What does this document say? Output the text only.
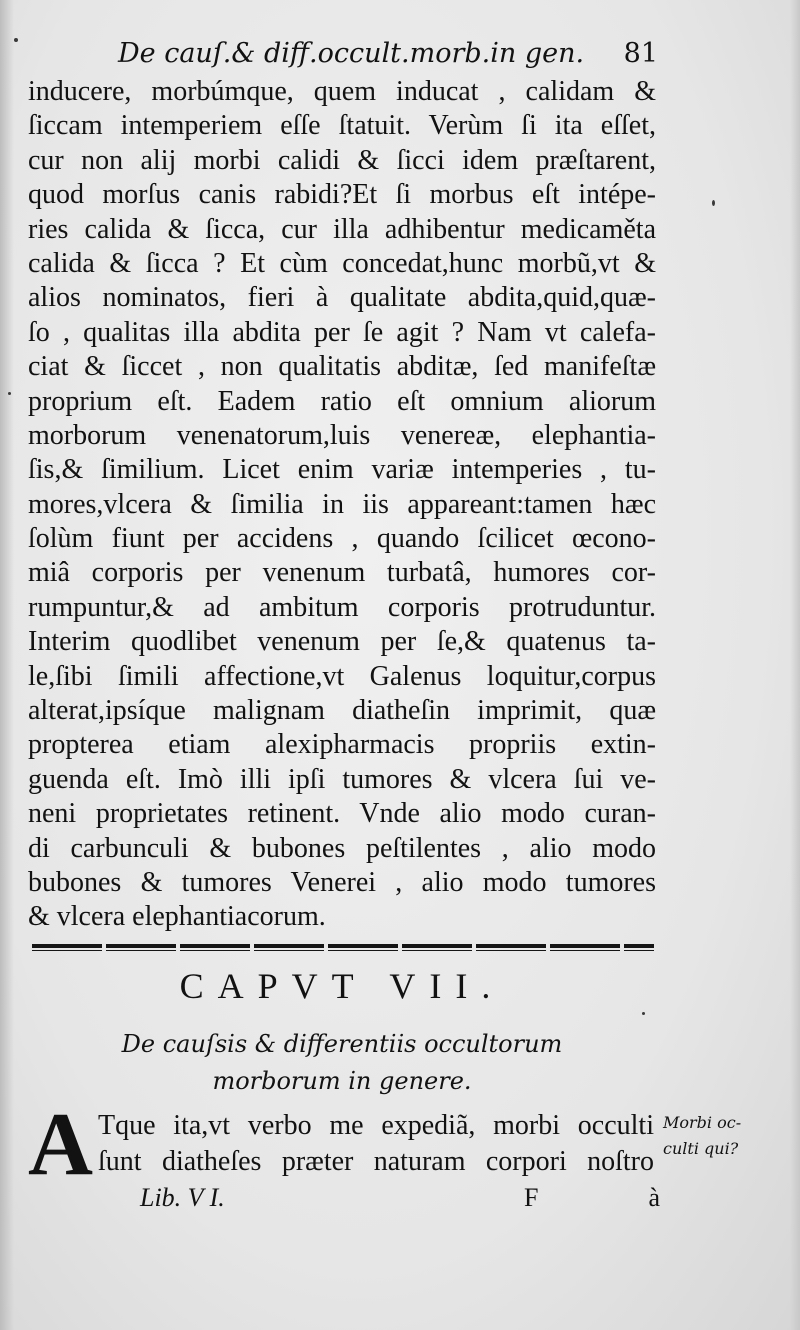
De cauſ.& diff.occult.morb.in gen. 81
inducere, morbúmque, quem inducat , calidam &
ſiccam intemperiem eſſe ſtatuit. Verùm ſi ita eſſet,
cur non alij morbi calidi & ſicci idem præſtarent,
quod morſus canis rabidi?Et ſi morbus eſt intépe-
ries calida & ſicca, cur illa adhibentur medicaměta
calida & ſicca ? Et cùm concedat,hunc morbũ,vt &
alios nominatos, fieri à qualitate abdita,quid,quæ-
ſo , qualitas illa abdita per ſe agit ? Nam vt calefa-
ciat & ſiccet , non qualitatis abditæ, ſed manifeſtæ
proprium eſt. Eadem ratio eſt omnium aliorum
morborum venenatorum,luis venereæ, elephantia-
ſis,& ſimilium. Licet enim variæ intemperies , tu-
mores,vlcera & ſimilia in iis appareant:tamen hæc
ſolùm fiunt per accidens , quando ſcilicet œcono-
miâ corporis per venenum turbatâ, humores cor-
rumpuntur,& ad ambitum corporis protruduntur.
Interim quodlibet venenum per ſe,& quatenus ta-
le,ſibi ſimili affectione,vt Galenus loquitur,corpus
alterat,ipsíque malignam diatheſin imprimit, quæ
propterea etiam alexipharmacis propriis extin-
guenda eſt. Imò illi ipſi tumores & vlcera ſui ve-
neni proprietates retinent. Vnde alio modo curan-
di carbunculi & bubones peſtilentes , alio modo
bubones & tumores Venerei , alio modo tumores
& vlcera elephantiacorum.
CAPVT VII.
De cauſsis & differentiis occultorum
morborum in genere.
A Tque ita,vt verbo me expediã, morbi occulti
ſunt diatheſes præter naturam corpori noſtro
Morbi oc-
culti qui?
Lib. V I.	F	à
